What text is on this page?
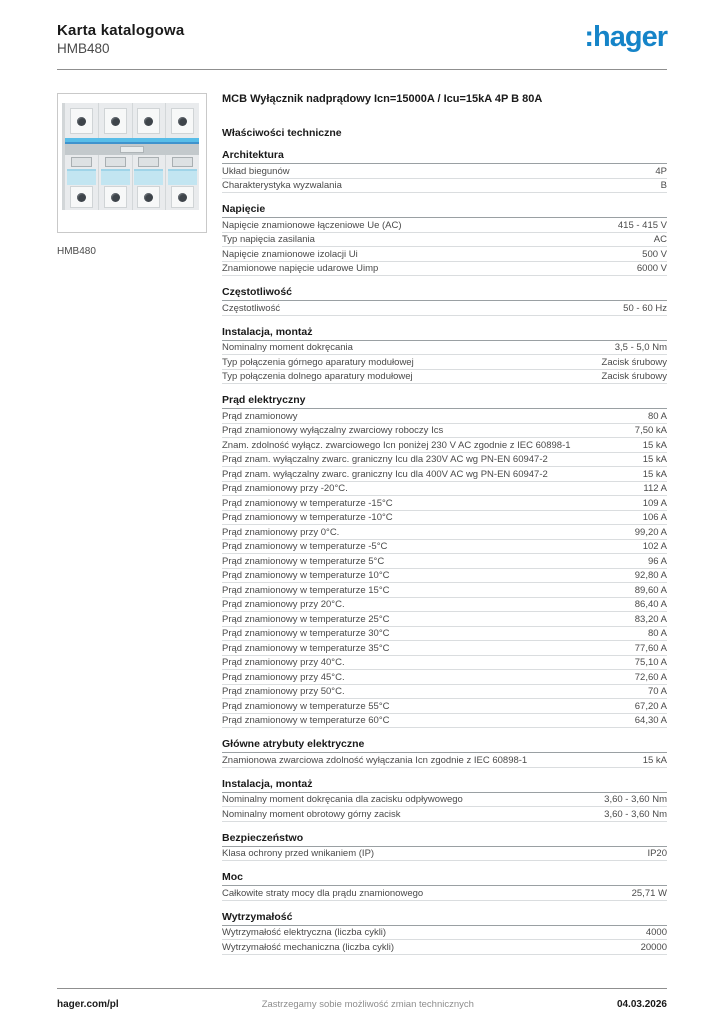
Karta katalogowa
HMB480	:hager
HMB480
MCB Wyłącznik nadprądowy Icn=15000A / Icu=15kA 4P B 80A
Właściwości techniczne
Architektura
Układ biegunów	4P
Charakterystyka wyzwalania	B
Napięcie
Napięcie znamionowe łączeniowe Ue (AC)	415 - 415 V
Typ napięcia zasilania	AC
Napięcie znamionowe izolacji Ui	500 V
Znamionowe napięcie udarowe Uimp	6000 V
Częstotliwość
Częstotliwość	50 - 60 Hz
Instalacja, montaż
Nominalny moment dokręcania	3,5 - 5,0 Nm
Typ połączenia górnego aparatury modułowej	Zacisk śrubowy
Typ połączenia dolnego aparatury modułowej	Zacisk śrubowy
Prąd elektryczny
Prąd znamionowy	80 A
Prąd znamionowy wyłączalny zwarciowy roboczy Ics	7,50 kA
Znam. zdolność wyłącz. zwarciowego Icn poniżej 230 V AC zgodnie z IEC 60898-1	15 kA
Prąd znam. wyłączalny zwarc. graniczny Icu dla 230V AC wg PN-EN 60947-2	15 kA
Prąd znam. wyłączalny zwarc. graniczny Icu dla 400V AC wg PN-EN 60947-2	15 kA
Prąd znamionowy przy -20°C.	112 A
Prąd znamionowy w temperaturze -15°C	109 A
Prąd znamionowy w temperaturze -10°C	106 A
Prąd znamionowy przy 0°C.	99,20 A
Prąd znamionowy w temperaturze -5°C	102 A
Prąd znamionowy w temperaturze 5°C	96 A
Prąd znamionowy w temperaturze 10°C	92,80 A
Prąd znamionowy w temperaturze 15°C	89,60 A
Prąd znamionowy przy 20°C.	86,40 A
Prąd znamionowy w temperaturze 25°C	83,20 A
Prąd znamionowy w temperaturze 30°C	80 A
Prąd znamionowy w temperaturze 35°C	77,60 A
Prąd znamionowy przy 40°C.	75,10 A
Prąd znamionowy przy 45°C.	72,60 A
Prąd znamionowy przy 50°C.	70 A
Prąd znamionowy w temperaturze 55°C	67,20 A
Prąd znamionowy w temperaturze 60°C	64,30 A
Główne atrybuty elektryczne
Znamionowa zwarciowa zdolność wyłączania Icn zgodnie z IEC 60898-1	15 kA
Instalacja, montaż
Nominalny moment dokręcania dla zacisku odpływowego	3,60 - 3,60 Nm
Nominalny moment obrotowy górny zacisk	3,60 - 3,60 Nm
Bezpieczeństwo
Klasa ochrony przed wnikaniem (IP)	IP20
Moc
Całkowite straty mocy dla prądu znamionowego	25,71 W
Wytrzymałość
Wytrzymałość elektryczna (liczba cykli)	4000
Wytrzymałość mechaniczna (liczba cykli)	20000
hager.com/pl	Zastrzegamy sobie możliwość zmian technicznych	04.03.2026
